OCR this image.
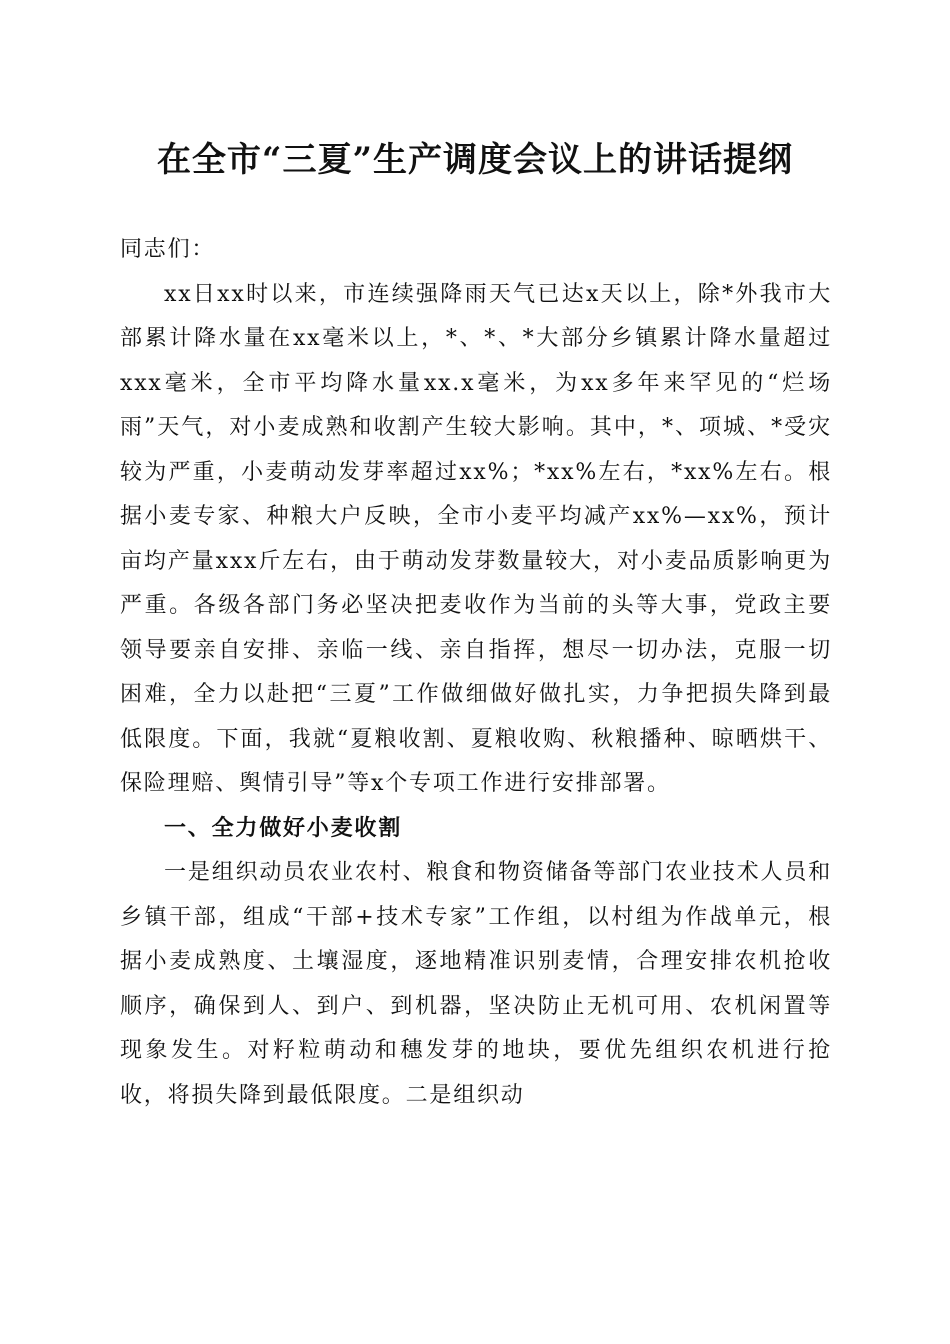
在全市“三夏”生产调度会议上的讲话提纲

同志们：

xx日xx时以来，市连续强降雨天气已达x天以上，除*外我市大部累计降水量在xx毫米以上，*、*、*大部分乡镇累计降水量超过xxx毫米，全市平均降水量xx.x毫米，为xx多年来罕见的“烂场雨”天气，对小麦成熟和收割产生较大影响。其中，*、项城、*受灾较为严重，小麦萌动发芽率超过xx%；*xx%左右，*xx%左右。根据小麦专家、种粮大户反映，全市小麦平均减产xx%—xx%，预计亩均产量xxx斤左右，由于萌动发芽数量较大，对小麦品质影响更为严重。各级各部门务必坚决把麦收作为当前的头等大事，党政主要领导要亲自安排、亲临一线、亲自指挥，想尽一切办法，克服一切困难，全力以赴把“三夏”工作做细做好做扎实，力争把损失降到最低限度。下面，我就“夏粮收割、夏粮收购、秋粮播种、晾晒烘干、保险理赔、舆情引导”等x个专项工作进行安排部署。

一、全力做好小麦收割

一是组织动员农业农村、粮食和物资储备等部门农业技术人员和乡镇干部，组成“干部+技术专家”工作组，以村组为作战单元，根据小麦成熟度、土壤湿度，逐地精准识别麦情，合理安排农机抢收顺序，确保到人、到户、到机器，坚决防止无机可用、农机闲置等现象发生。对籽粒萌动和穗发芽的地块，要优先组织农机进行抢收，将损失降到最低限度。二是组织动
